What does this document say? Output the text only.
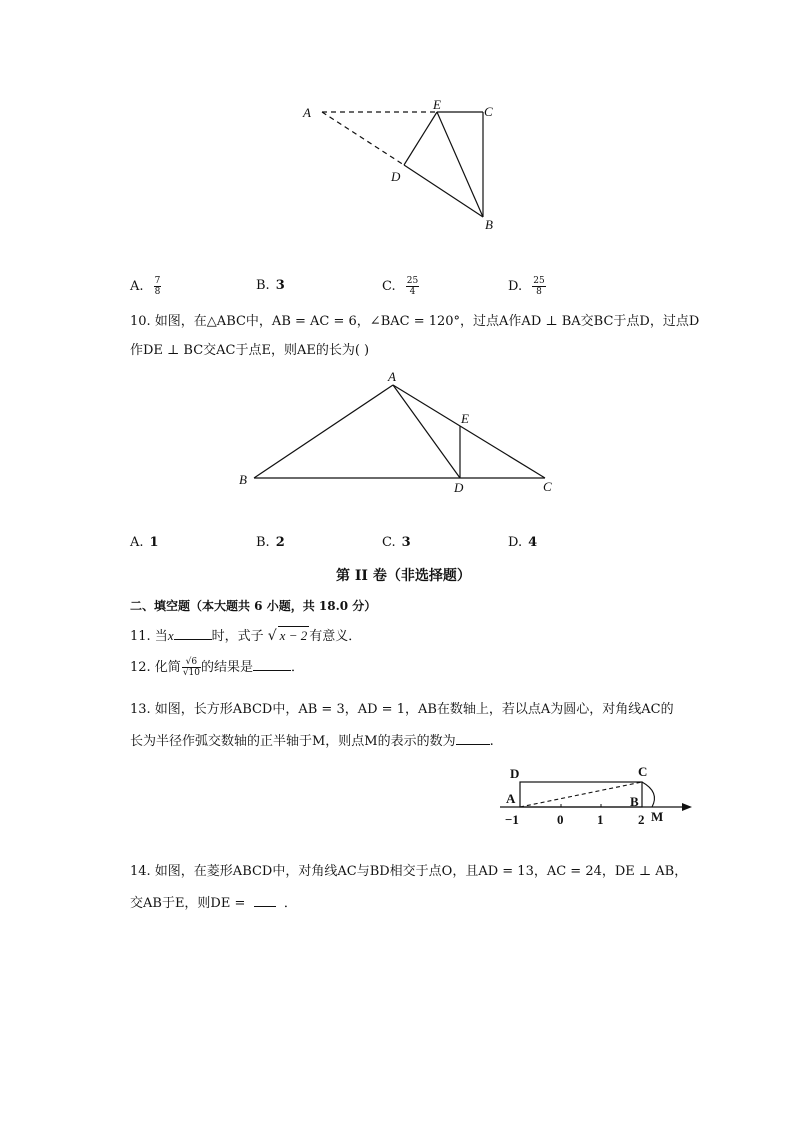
A
E	C
D
B
A. $\frac{7}{8}$	B. 3	C. $\frac{25}{4}$	D. $\frac{25}{8}$
10. 如图，在△ABC中，AB = AC = 6，∠BAC = 120°，过点A作AD ⊥ BA交BC于点D，过点D
作DE ⊥ BC交AC于点E，则AE的长为( )
A
E
B
D	C
A. 1	B. 2	C. 3	D. 4
第 II 卷（非选择题）
二、填空题（本大题共 6 小题，共 18.0 分）
11. 当x	时，式子 √ x − 2 有意义．
12. 化简 $\frac{√6}{√10}$ 的结果是	．
13. 如图，长方形ABCD中，AB = 3，AD = 1，AB在数轴上，若以点A为圆心，对角线AC的
长为半径作弧交数轴的正半轴于M，则点M的表示的数为	.
D	C
A	B
M
−1	0	1	2
14. 如图，在菱形ABCD中，对角线AC与BD相交于点O，且AD = 13，AC = 24，DE ⊥ AB，
交AB于E，则DE =	．
